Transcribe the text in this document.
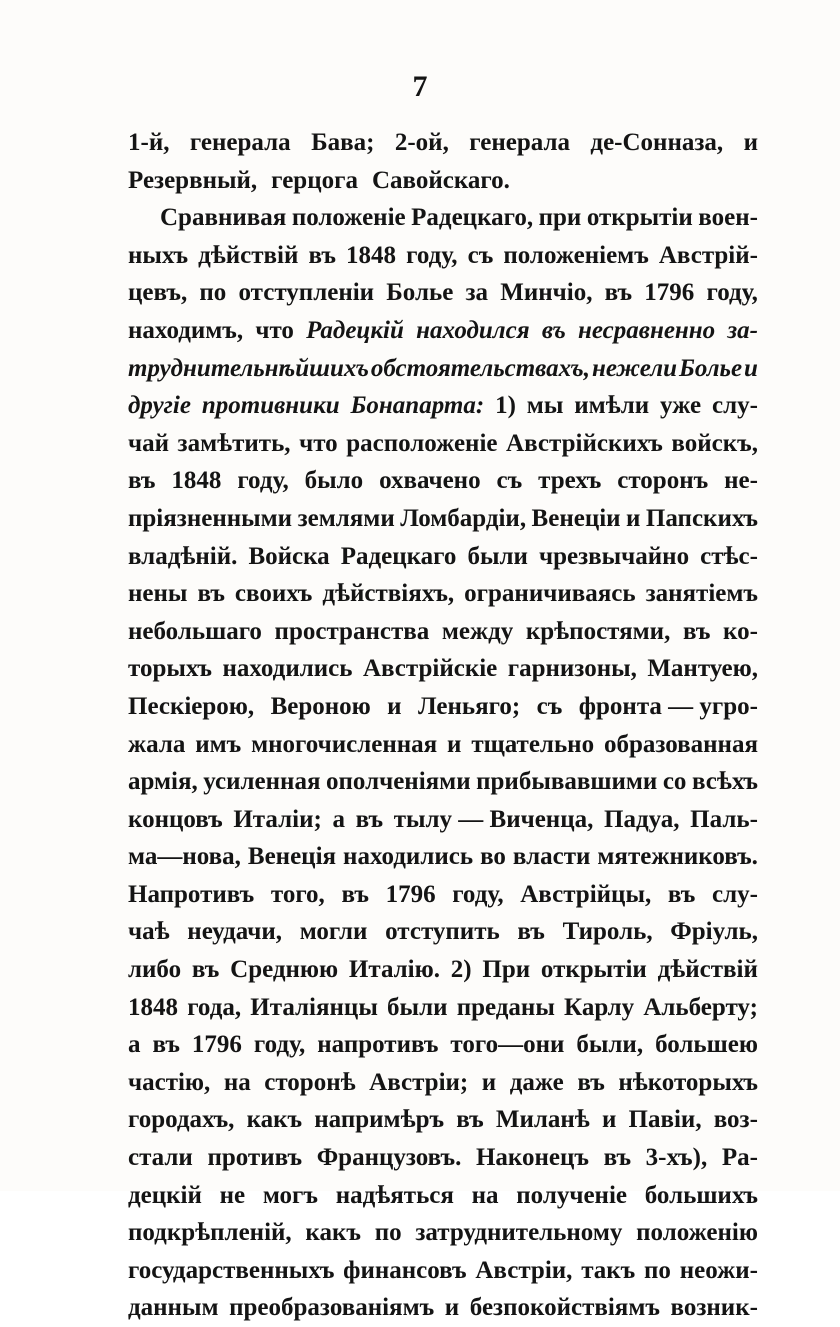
7
1-й, генерала Бава; 2-ой, генерала де-Сонназа, и
Резервный, герцога Савойскаго.
Сравнивая положенiе Радецкаго, при открытiи воен-
ныхъ дѣйствiй въ 1848 году, съ положенiемъ Австрiй-
цевъ, по отступленiи Болье за Минчiо, въ 1796 году,
находимъ, что Радецкiй находился въ несравненно за-
труднительнѣйшихъ обстоятельствахъ, нежели Болье и
другiе противники Бонапарта: 1) мы имѣли уже слу-
чай замѣтить, что расположенiе Австрiйскихъ войскъ,
въ 1848 году, было охвачено съ трехъ сторонъ не-
прiязненными землями Ломбардiи, Венецiи и Папскихъ
владѣнiй. Войска Радецкаго были чрезвычайно стѣс-
нены въ своихъ дѣйствiяхъ, ограничиваясь занятiемъ
небольшаго пространства между крѣпостями, въ ко-
торыхъ находились Австрiйскiе гарнизоны, Мантуею,
Пескiерою, Вероною и Леньяго; съ фронта — угро-
жала имъ многочисленная и тщательно образованная
армiя, усиленная ополченiями прибывавшими со всѣхъ
концовъ Италiи; а въ тылу — Виченца, Падуа, Паль-
ма—нова, Венецiя находились во власти мятежниковъ.
Напротивъ того, въ 1796 году, Австрiйцы, въ слу-
чаѣ неудачи, могли отступить въ Тироль, Фрiуль,
либо въ Среднюю Италiю. 2) При открытiи дѣйствiй
1848 года, Италiянцы были преданы Карлу Альберту;
а въ 1796 году, напротивъ того—они были, большею
частiю, на сторонѣ Австрiи; и даже въ нѣкоторыхъ
городахъ, какъ напримѣръ въ Миланѣ и Павiи, воз-
стали противъ Французовъ. Наконецъ въ 3-хъ), Ра-
децкiй не могъ надѣяться на полученiе большихъ
подкрѣпленiй, какъ по затруднительному положенiю
государственныхъ финансовъ Австрiи, такъ по неожи-
данным преобразованiямъ и безпокойствiямъ возник-
